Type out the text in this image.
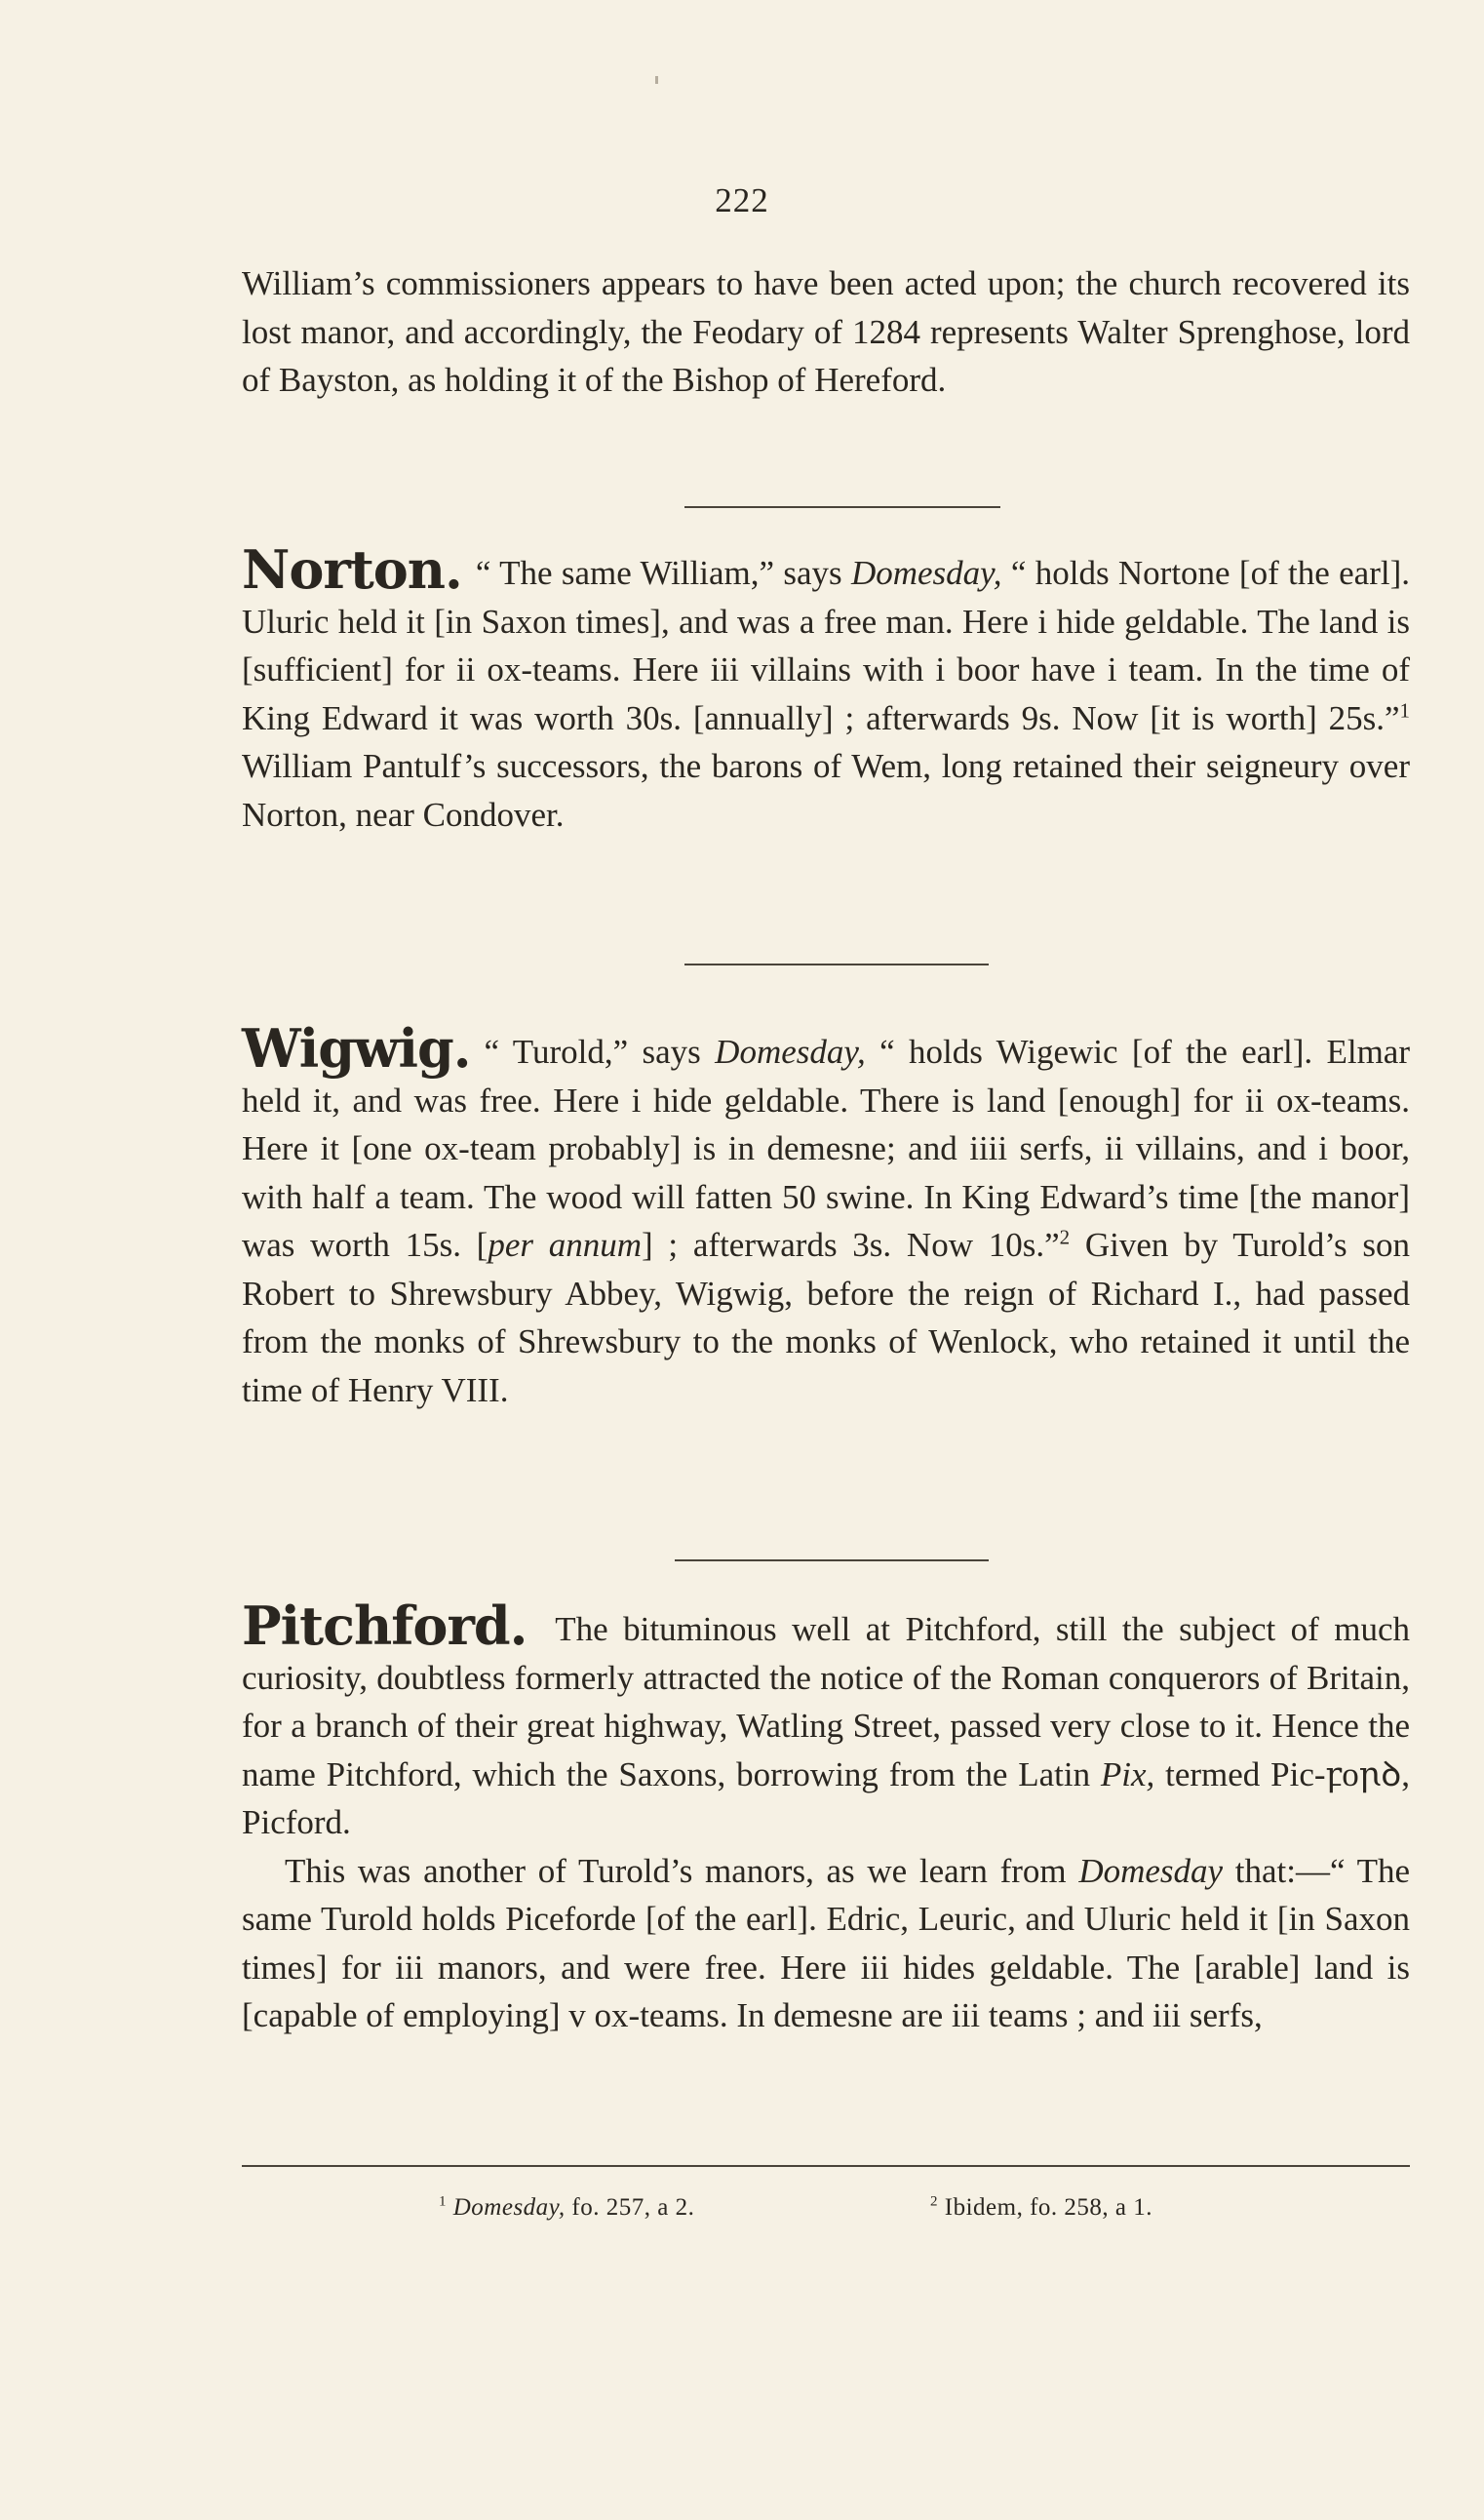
222

William’s commissioners appears to have been acted upon; the church recovered its lost manor, and accordingly, the Feodary of 1284 represents Walter Sprenghose, lord of Bayston, as holding it of the Bishop of Hereford.

Norton. “ The same William,” says Domesday, “ holds Nortone [of the earl]. Uluric held it [in Saxon times], and was a free man. Here i hide geldable. The land is [sufficient] for ii ox-teams. Here iii villains with i boor have i team. In the time of King Edward it was worth 30s. [annually] ; afterwards 9s. Now [it is worth] 25s.”$^1$ William Pantulf’s successors, the barons of Wem, long retained their seigneury over Norton, near Condover.

Wigwig. “ Turold,” says Domesday, “ holds Wigewic [of the earl]. Elmar held it, and was free. Here i hide geldable. There is land [enough] for ii ox-teams. Here it [one ox-team probably] is in demesne; and iiii serfs, ii villains, and i boor, with half a team. The wood will fatten 50 swine. In King Edward’s time [the manor] was worth 15s. [per annum] ; afterwards 3s. Now 10s.”$^2$ Given by Turold’s son Robert to Shrewsbury Abbey, Wigwig, before the reign of Richard I., had passed from the monks of Shrewsbury to the monks of Wenlock, who retained it until the time of Henry VIII.

Pitchford. The bituminous well at Pitchford, still the subject of much curiosity, doubtless formerly attracted the notice of the Roman conquerors of Britain, for a branch of their great highway, Watling Street, passed very close to it. Hence the name Pitchford, which the Saxons, borrowing from the Latin Pix, termed Pic-ꝼoꞃꝺ, Picford.

This was another of Turold’s manors, as we learn from Domesday that:—“ The same Turold holds Piceforde [of the earl]. Edric, Leuric, and Uluric held it [in Saxon times] for iii manors, and were free. Here iii hides geldable. The [arable] land is [capable of employing] v ox-teams. In demesne are iii teams ; and iii serfs,

$^1$ Domesday, fo. 257, a 2.	$^2$ Ibidem, fo. 258, a 1.
